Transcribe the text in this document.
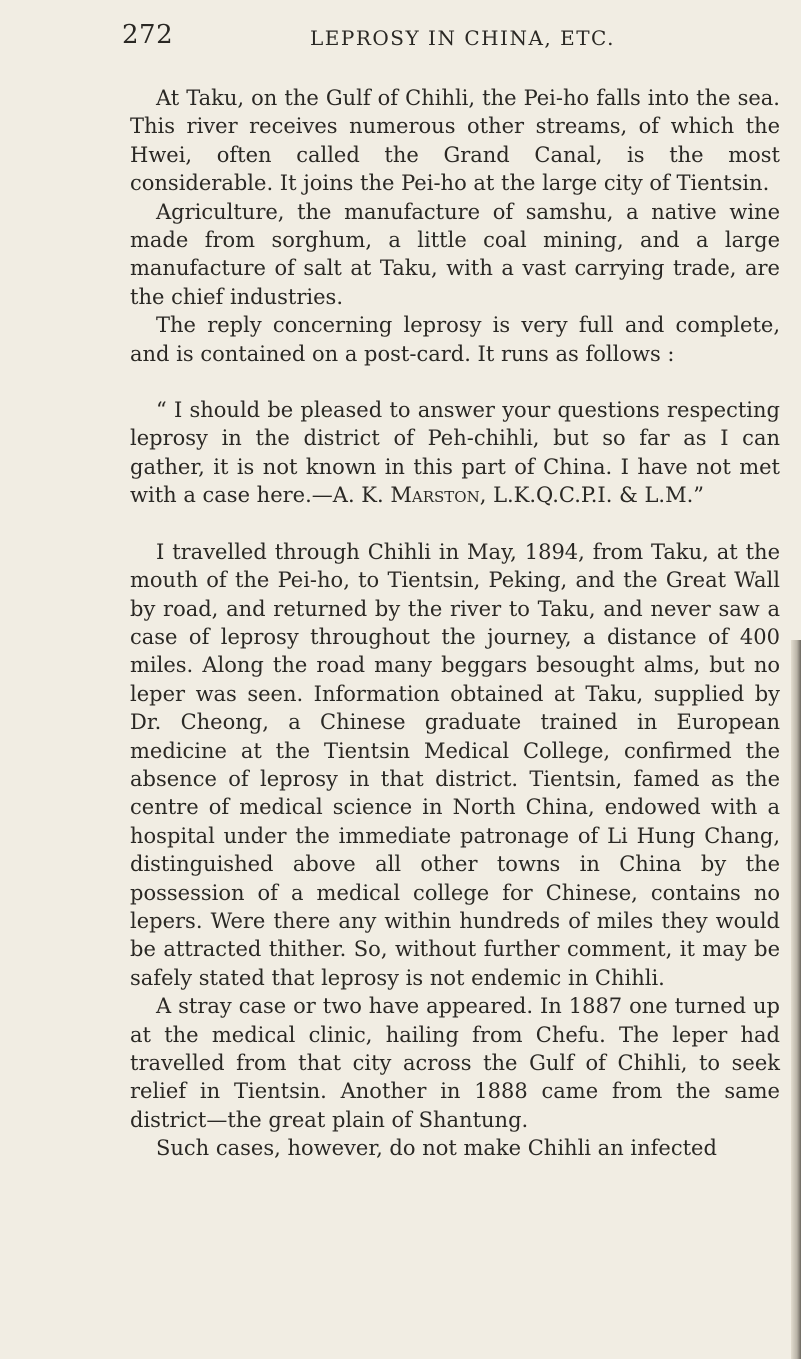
272	LEPROSY IN CHINA, ETC.

At Taku, on the Gulf of Chihli, the Pei-ho falls into the sea. This river receives numerous other streams, of which the Hwei, often called the Grand Canal, is the most considerable. It joins the Pei-ho at the large city of Tientsin.

Agriculture, the manufacture of samshu, a native wine made from sorghum, a little coal mining, and a large manufacture of salt at Taku, with a vast carrying trade, are the chief industries.

The reply concerning leprosy is very full and complete, and is contained on a post-card. It runs as follows :

“ I should be pleased to answer your questions respecting leprosy in the district of Peh-chihli, but so far as I can gather, it is not known in this part of China. I have not met with a case here.—A. K. Marston, L.K.Q.C.P.I. & L.M.”

I travelled through Chihli in May, 1894, from Taku, at the mouth of the Pei-ho, to Tientsin, Peking, and the Great Wall by road, and returned by the river to Taku, and never saw a case of leprosy throughout the journey, a distance of 400 miles. Along the road many beggars besought alms, but no leper was seen. Information obtained at Taku, supplied by Dr. Cheong, a Chinese graduate trained in European medicine at the Tientsin Medical College, confirmed the absence of leprosy in that district. Tientsin, famed as the centre of medical science in North China, endowed with a hospital under the immediate patronage of Li Hung Chang, distinguished above all other towns in China by the possession of a medical college for Chinese, contains no lepers. Were there any within hundreds of miles they would be attracted thither. So, without further comment, it may be safely stated that leprosy is not endemic in Chihli.

A stray case or two have appeared. In 1887 one turned up at the medical clinic, hailing from Chefu. The leper had travelled from that city across the Gulf of Chihli, to seek relief in Tientsin. Another in 1888 came from the same district—the great plain of Shantung.

Such cases, however, do not make Chihli an infected
